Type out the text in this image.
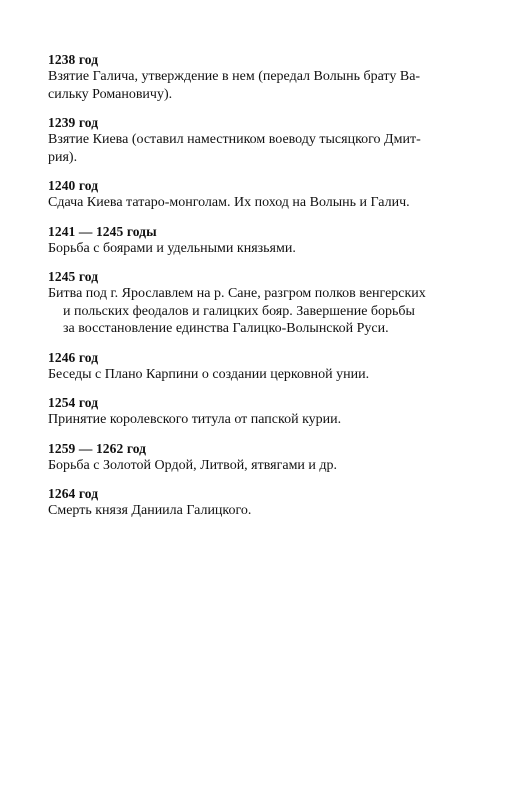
1238 год
Взятие Галича, утверждение в нем (передал Волынь брату Ва-
сильку Романовичу).
1239 год
Взятие Киева (оставил наместником воеводу тысяцкого Дмит-
рия).
1240 год
Сдача Киева татаро-монголам. Их поход на Волынь и Галич.
1241 — 1245 годы
Борьба с боярами и удельными князьями.
1245 год
Битва под г. Ярославлем на р. Сане, разгром полков венгерских
и польских феодалов и галицких бояр. Завершение борьбы
за восстановление единства Галицко-Волынской Руси.
1246 год
Беседы с Плано Карпини о создании церковной унии.
1254 год
Принятие королевского титула от папской курии.
1259 — 1262 год
Борьба с Золотой Ордой, Литвой, ятвягами и др.
1264 год
Смерть князя Даниила Галицкого.
